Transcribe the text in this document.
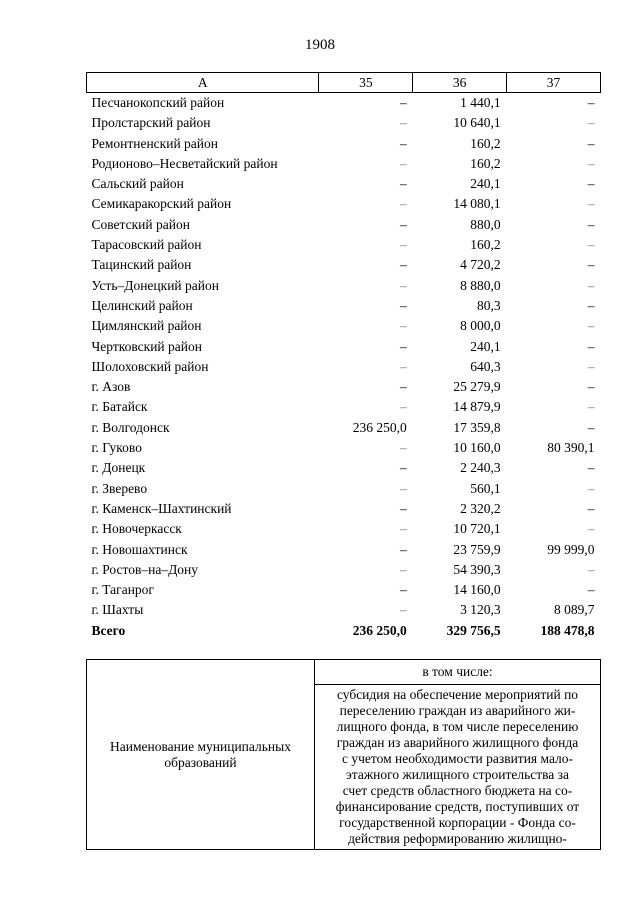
1908
А	35	36	37
Песчанокопский район	–	1 440,1	–
Пролстарский район	–	10 640,1	–
Ремонтненский район	–	160,2	–
Родионово–Несветайский район	–	160,2	–
Сальский район	–	240,1	–
Семикаракорский район	–	14 080,1	–
Советский район	–	880,0	–
Тарасовский район	–	160,2	–
Тацинский район	–	4 720,2	–
Усть–Донецкий район	–	8 880,0	–
Целинский район	–	80,3	–
Цимлянский район	–	8 000,0	–
Чертковский район	–	240,1	–
Шолоховский район	–	640,3	–
г. Азов	–	25 279,9	–
г. Батайск	–	14 879,9	–
г. Волгодонск	236 250,0	17 359,8	–
г. Гуково	–	10 160,0	80 390,1
г. Донецк	–	2 240,3	–
г. Зверево	–	560,1	–
г. Каменск–Шахтинский	–	2 320,2	–
г. Новочеркасск	–	10 720,1	–
г. Новошахтинск	–	23 759,9	99 999,0
г. Ростов–на–Дону	–	54 390,3	–
г. Таганрог	–	14 160,0	–
г. Шахты	–	3 120,3	8 089,7
Всего	236 250,0	329 756,5	188 478,8
Наименование муниципальных образований	в том числе:

субсидия на обеспечение мероприятий по
переселению граждан из аварийного жи-
лищного фонда, в том числе переселению
граждан из аварийного жилищного фонда
с учетом необходимости развития мало-
этажного жилищного строительства за
счет средств областного бюджета на со-
финансирование средств, поступивших от
государственной корпорации - Фонда со-
действия реформированию жилищно-
